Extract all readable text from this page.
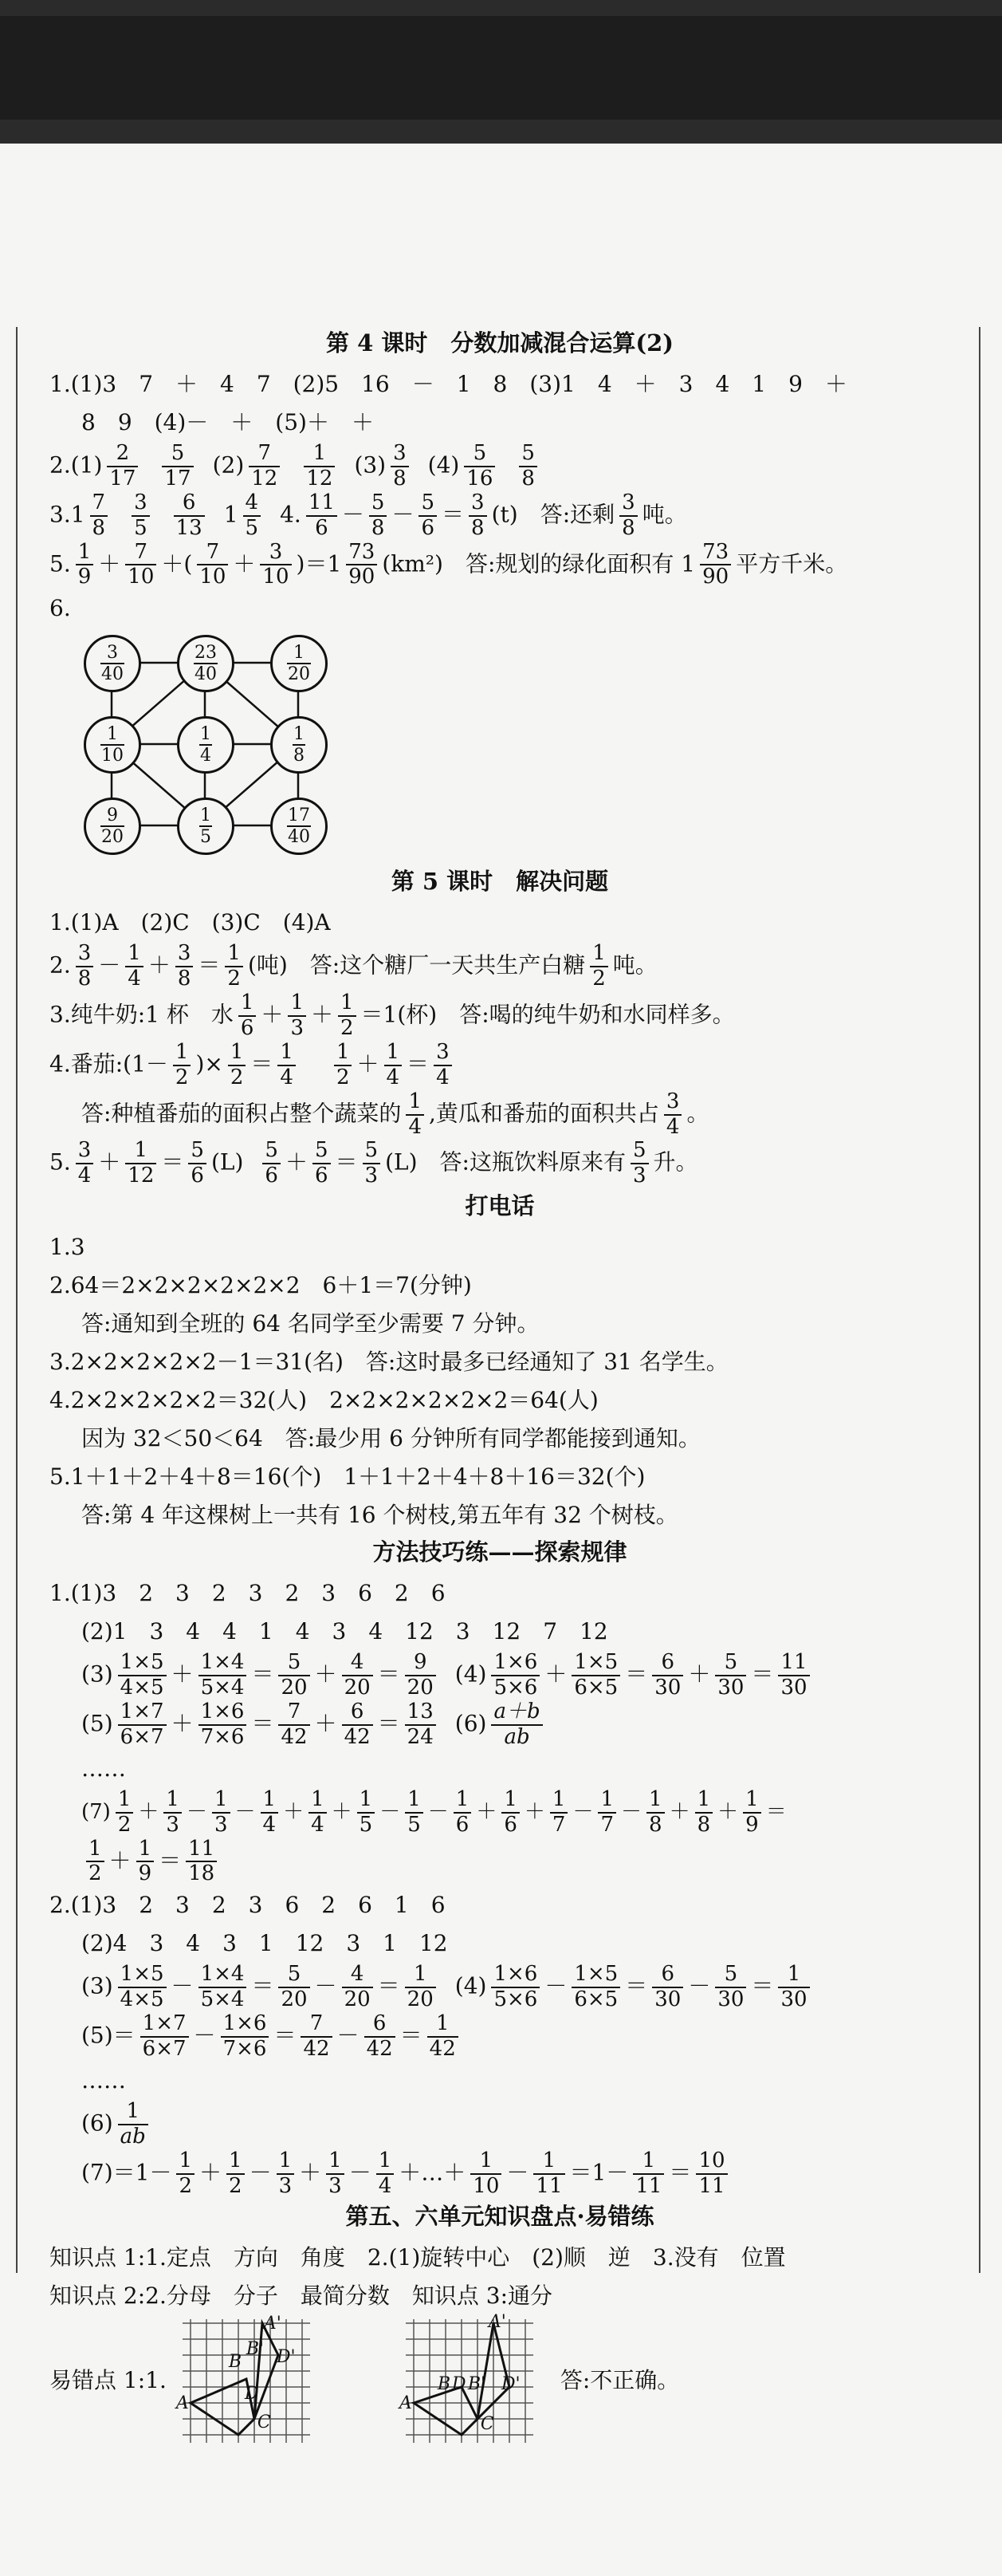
第 4 课时　分数加减混合运算(2)
1.(1)3　7　＋　4　7　(2)5　16　－　1　8　(3)1　4　＋　3　4　1　9　＋
8　9　(4)－　＋　(5)＋　＋
$2.(1) \frac{2}{17} \frac{5}{17} (2) \frac{7}{12} \frac{1}{12} (3) \frac{3}{8} (4) \frac{5}{16} \frac{5}{8}$
$3.1 \frac{7}{8} \frac{3}{5} \frac{6}{13} 1 \frac{4}{5} 4$. $\frac{11}{6} - \frac{5}{8} - \frac{5}{6} = \frac{3}{8} (t)$　答:还剩 $\frac{3}{8}$ 吨。
5. $\frac{1}{9} + \frac{7}{10}$ ＋( $\frac{7}{10} + \frac{3}{10} )=1 \frac{73}{90} (km^2)$　答:规划的绿化面积有 $1 \frac{73}{90}$ 平方千米。
6.
3
40
23
40
1
20
1
10
1
4
1
8
9
20
1
5
17
40
第 5 课时　解决问题
1.(1)A　(2)C　(3)C　(4)A
2. $\frac{3}{8} - \frac{1}{4} + \frac{3}{8} = \frac{1}{2}$ (吨)　答:这个糖厂一天共生产白糖 $\frac{1}{2}$ 吨。
3.纯牛奶:1 杯　水 $\frac{1}{6} + \frac{1}{3} + \frac{1}{2} =1$(杯)　答:喝的纯牛奶和水同样多。
4.番茄:(1－ $\frac{1}{2}$ )× $\frac{1}{2} = \frac{1}{4} \frac{1}{2} + \frac{1}{4} = \frac{3}{4}$
答:种植番茄的面积占整个蔬菜的 $\frac{1}{4}$ ,黄瓜和番茄的面积共占 $\frac{3}{4}$ 。
5. $\frac{3}{4} + \frac{1}{12} = \frac{5}{6} (L) \frac{5}{6} + \frac{5}{6} = \frac{5}{3} (L)$　答:这瓶饮料原来有 $\frac{5}{3}$ 升。
打电话
1.3
2.64＝2×2×2×2×2×2　6＋1＝7(分钟)
答:通知到全班的 64 名同学至少需要 7 分钟。
3.2×2×2×2×2－1＝31(名)　答:这时最多已经通知了 31 名学生。
4.2×2×2×2×2＝32(人)　2×2×2×2×2×2＝64(人)
因为 32＜50＜64　答:最少用 6 分钟所有同学都能接到通知。
5.1＋1＋2＋4＋8＝16(个)　1＋1＋2＋4＋8＋16＝32(个)
答:第 4 年这棵树上一共有 16 个树枝,第五年有 32 个树枝。
方法技巧练——探索规律
1.(1)3　2　3　2　3　2　3　6　2　6
(2)1　3　4　4　1　4　3　4　12　3　12　7　12
$(3) \frac{1\times 5}{4\times 5} + \frac{1\times 4}{5\times 4} = \frac{5}{20} + \frac{4}{20} = \frac{9}{20} (4) \frac{1\times 6}{5\times 6} + \frac{1\times 5}{6\times 5} = \frac{6}{30} + \frac{5}{30} = \frac{11}{30}$
$(5) \frac{1\times 7}{6\times 7} + \frac{1\times 6}{7\times 6} = \frac{7}{42} + \frac{6}{42} = \frac{13}{24} (6) \frac{a+b}{ab}$
……
$(7) \frac{1}{2} + \frac{1}{3} - \frac{1}{3} - \frac{1}{4} + \frac{1}{4} + \frac{1}{5} - \frac{1}{5} - \frac{1}{6} + \frac{1}{6} + \frac{1}{7} - \frac{1}{7} - \frac{1}{8} + \frac{1}{8} + \frac{1}{9}$ ＝
$\frac{1}{2} + \frac{1}{9} = \frac{11}{18}$
2.(1)3　2　3　2　3　6　2　6　1　6
(2)4　3　4　3　1　12　3　1　12
$(3) \frac{1\times 5}{4\times 5} - \frac{1\times 4}{5\times 4} = \frac{5}{20} - \frac{4}{20} = \frac{1}{20} (4) \frac{1\times 6}{5\times 6} - \frac{1\times 5}{6\times 5} = \frac{6}{30} - \frac{5}{30} = \frac{1}{30}$
$(5)= \frac{1\times 7}{6\times 7} - \frac{1\times 6}{7\times 6} = \frac{7}{42} - \frac{6}{42} = \frac{1}{42}$
……
$(6) \frac{1}{ab}$
$(7)=1- \frac{1}{2} + \frac{1}{2} - \frac{1}{3} + \frac{1}{3} - \frac{1}{4}$ ＋…＋ $\frac{1}{10} - \frac{1}{11} =1- \frac{1}{11} = \frac{10}{11}$
第五、六单元知识盘点·易错练
知识点 1:1.定点　方向　角度　2.(1)旋转中心　(2)顺　逆　3.没有　位置
知识点 2:2.分母　分子　最简分数　知识点 3:通分
易错点 1:1.
A
B
C
D
A'
B' D'
A
B
C
D
A'
B' D' 答:不正确。
